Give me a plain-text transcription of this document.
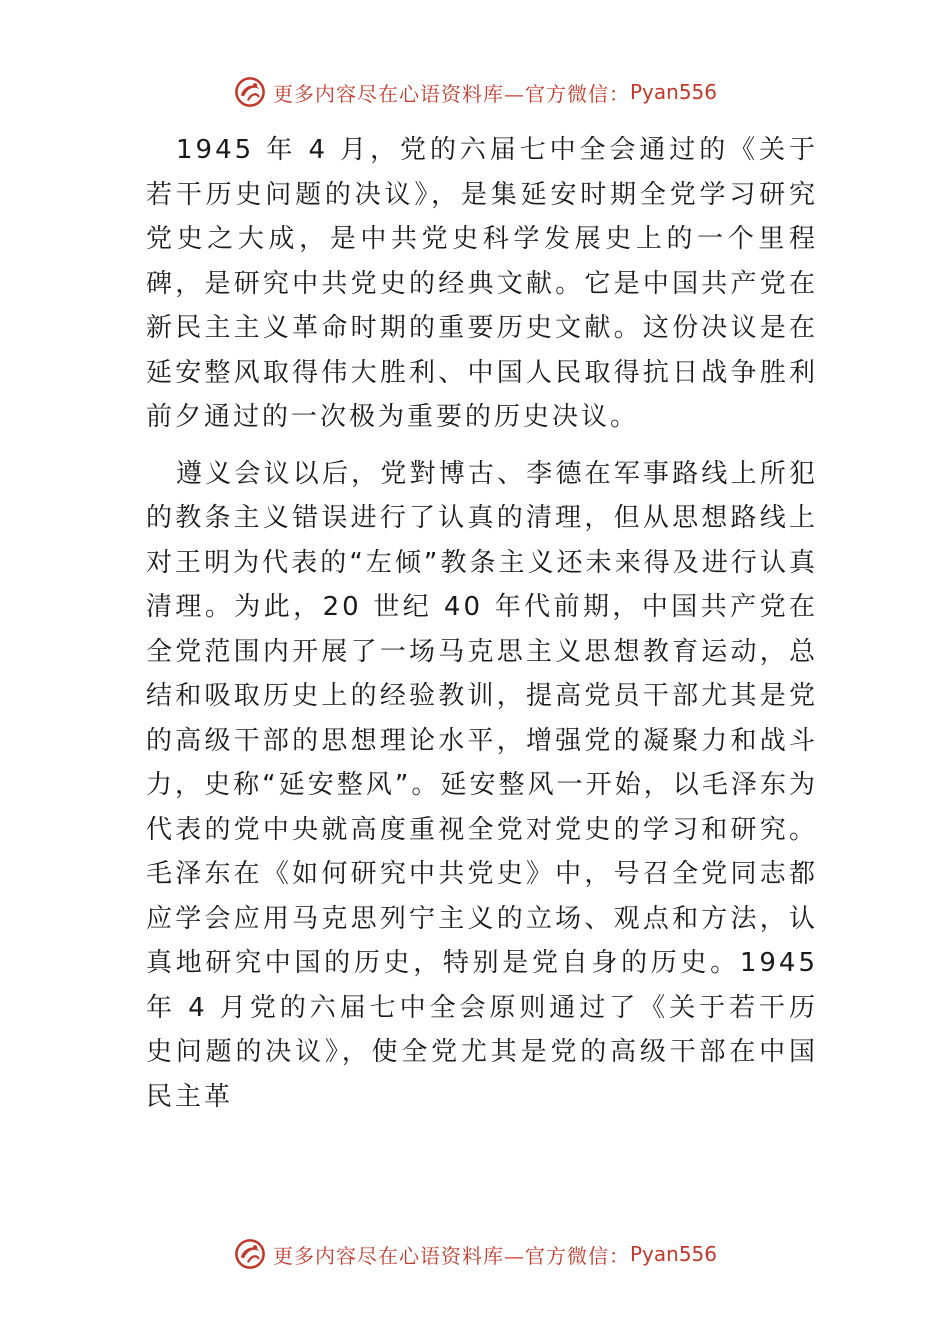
更多内容尽在心语资料库—官方微信： Pyan556

1945 年 4 月，党的六届七中全会通过的《关于若干历史问题的决议》，是集延安时期全党学习研究党史之大成，是中共党史科学发展史上的一个里程碑，是研究中共党史的经典文献。它是中国共产党在新民主主义革命时期的重要历史文献。这份决议是在延安整风取得伟大胜利、中国人民取得抗日战争胜利前夕通过的一次极为重要的历史决议。

遵义会议以后，党對博古、李德在军事路线上所犯的教条主义错误进行了认真的清理，但从思想路线上对王明为代表的“左倾”教条主义还未来得及进行认真清理。为此，20 世纪 40 年代前期，中国共产党在全党范围内开展了一场马克思主义思想教育运动，总结和吸取历史上的经验教训，提高党员干部尤其是党的高级干部的思想理论水平，增强党的凝聚力和战斗力，史称“延安整风”。延安整风一开始，以毛泽东为代表的党中央就高度重视全党对党史的学习和研究。毛泽东在《如何研究中共党史》中，号召全党同志都应学会应用马克思列宁主义的立场、观点和方法，认真地研究中国的历史，特别是党自身的历史。1945 年 4 月党的六届七中全会原则通过了《关于若干历史问题的决议》，使全党尤其是党的高级干部在中国民主革

更多内容尽在心语资料库—官方微信： Pyan556
